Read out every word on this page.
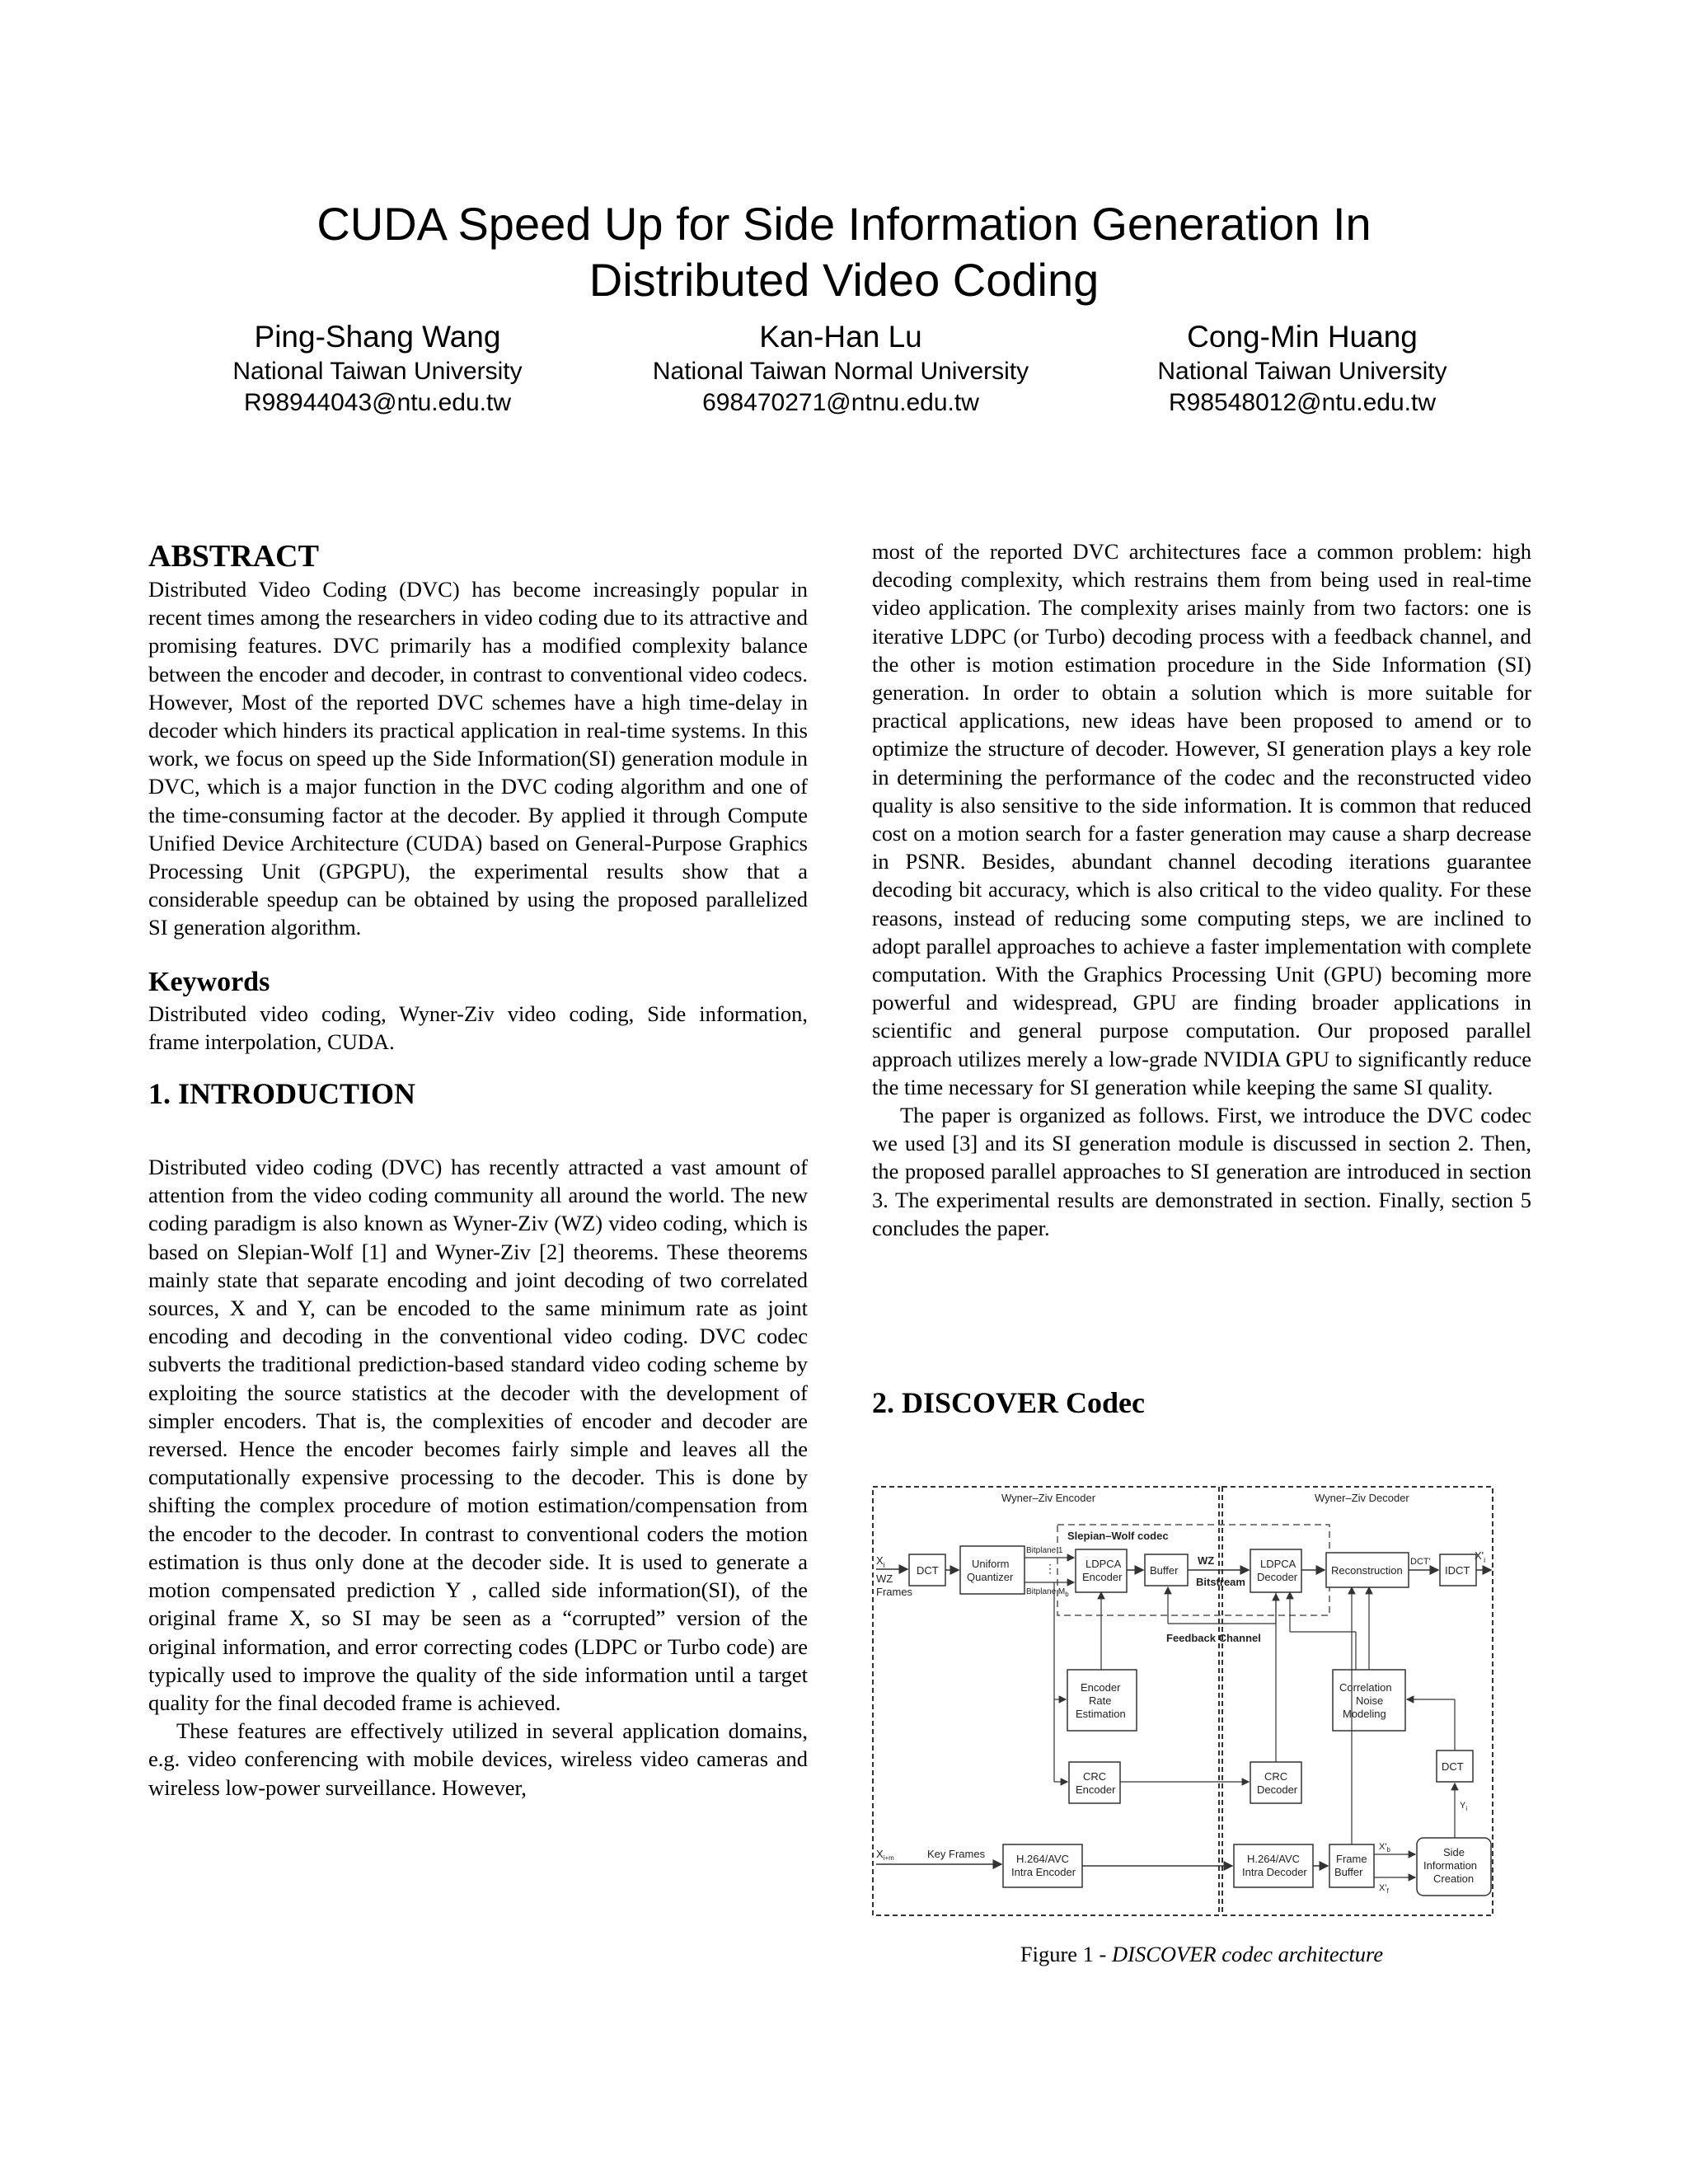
CUDA Speed Up for Side Information Generation In
Distributed Video Coding
Ping-Shang Wang
National Taiwan University
R98944043@ntu.edu.tw
Kan-Han Lu
National Taiwan Normal University
698470271@ntnu.edu.tw
Cong-Min Huang
National Taiwan University
R98548012@ntu.edu.tw
ABSTRACT

Distributed Video Coding (DVC) has become increasingly popular in recent times among the researchers in video coding due to its attractive and promising features. DVC primarily has a modified complexity balance between the encoder and decoder, in contrast to conventional video codecs. However, Most of the reported DVC schemes have a high time-delay in decoder which hinders its practical application in real-time systems. In this work, we focus on speed up the Side Information(SI) generation module in DVC, which is a major function in the DVC coding algorithm and one of the time-consuming factor at the decoder. By applied it through Compute Unified Device Architecture (CUDA) based on General-Purpose Graphics Processing Unit (GPGPU), the experimental results show that a considerable speedup can be obtained by using the proposed parallelized SI generation algorithm.

Keywords

Distributed video coding, Wyner-Ziv video coding, Side information, frame interpolation, CUDA.

1. INTRODUCTION

Distributed video coding (DVC) has recently attracted a vast amount of attention from the video coding community all around the world. The new coding paradigm is also known as Wyner-Ziv (WZ) video coding, which is based on Slepian-Wolf [1] and Wyner-Ziv [2] theorems. These theorems mainly state that separate encoding and joint decoding of two correlated sources, X and Y, can be encoded to the same minimum rate as joint encoding and decoding in the conventional video coding. DVC codec subverts the traditional prediction-based standard video coding scheme by exploiting the source statistics at the decoder with the development of simpler encoders. That is, the complexities of encoder and decoder are reversed. Hence the encoder becomes fairly simple and leaves all the computationally expensive processing to the decoder. This is done by shifting the complex procedure of motion estimation/compensation from the encoder to the decoder. In contrast to conventional coders the motion estimation is thus only done at the decoder side. It is used to generate a motion compensated prediction Y , called side information(SI), of the original frame X, so SI may be seen as a “corrupted” version of the original information, and error correcting codes (LDPC or Turbo code) are typically used to improve the quality of the side information until a target quality for the final decoded frame is achieved.

These features are effectively utilized in several application domains, e.g. video conferencing with mobile devices, wireless video cameras and wireless low-power surveillance. However,

most of the reported DVC architectures face a common problem: high decoding complexity, which restrains them from being used in real-time video application. The complexity arises mainly from two factors: one is iterative LDPC (or Turbo) decoding process with a feedback channel, and the other is motion estimation procedure in the Side Information (SI) generation. In order to obtain a solution which is more suitable for practical applications, new ideas have been proposed to amend or to optimize the structure of decoder. However, SI generation plays a key role in determining the performance of the codec and the reconstructed video quality is also sensitive to the side information. It is common that reduced cost on a motion search for a faster generation may cause a sharp decrease in PSNR. Besides, abundant channel decoding iterations guarantee decoding bit accuracy, which is also critical to the video quality. For these reasons, instead of reducing some computing steps, we are inclined to adopt parallel approaches to achieve a faster implementation with complete computation. With the Graphics Processing Unit (GPU) becoming more powerful and widespread, GPU are finding broader applications in scientific and general purpose computation. Our proposed parallel approach utilizes merely a low-grade NVIDIA GPU to significantly reduce the time necessary for SI generation while keeping the same SI quality.

The paper is organized as follows. First, we introduce the DVC codec we used [3] and its SI generation module is discussed in section 2. Then, the proposed parallel approaches to SI generation are introduced in section 3. The experimental results are demonstrated in section. Finally, section 5 concludes the paper.

2. DISCOVER Codec
Wyner–Ziv Encoder	Wyner–Ziv Decoder
Slepian–Wolf codec
$X_i$
WZ Frames
DCT
Uniform Quantizer
Bitplane 1
⋮
Bitplane $M_b$
LDPCA Encoder
Buffer
WZ
Bitstream
LDPCA Decoder
Reconstruction
DCT'
IDCT
$X'_i$
Feedback Channel
Encoder Rate Estimation
Correlation Noise Modeling
DCT
$Y_i$
CRC Encoder
CRC Decoder
$X_{i+m}$	Key Frames	H.264/AVC Intra Encoder
H.264/AVC Intra Decoder
Frame Buffer
$X'_b$
$X'_f$
Side Information Creation
Figure 1 - DISCOVER codec architecture
